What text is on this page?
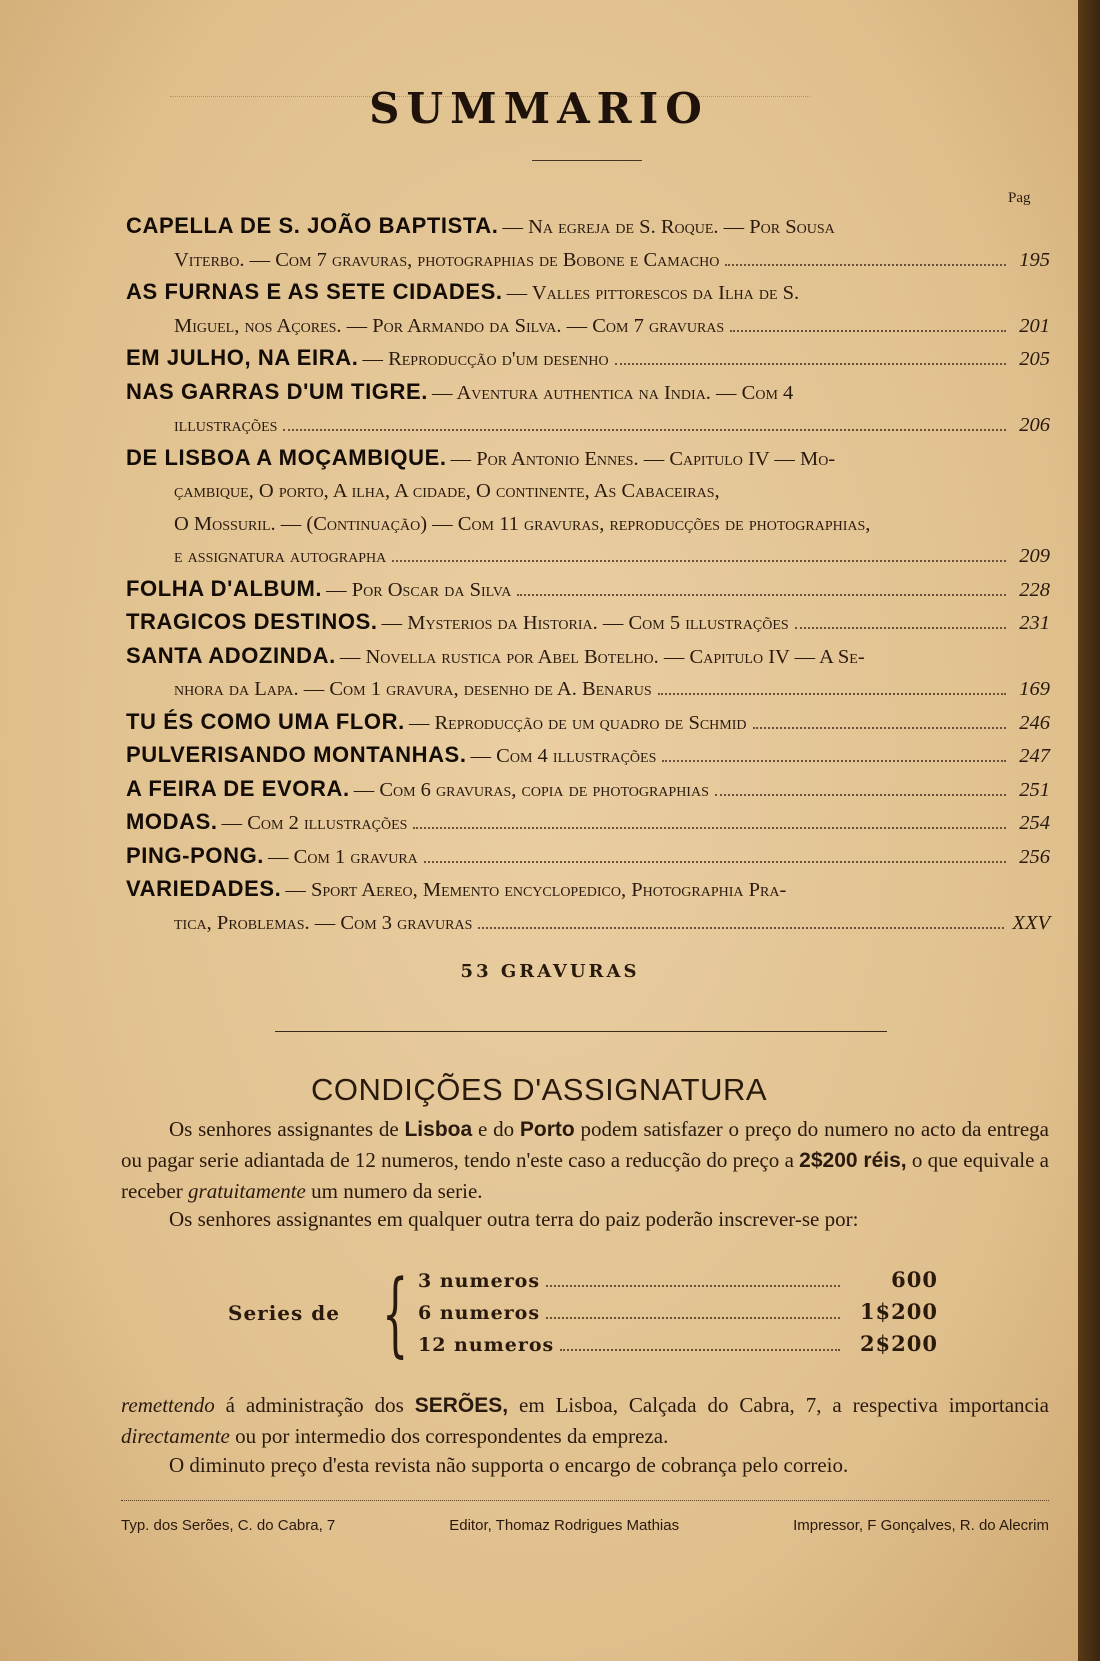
SUMMARIO
Pag
CAPELLA DE S. JOÃO BAPTISTA. — Na egreja de S. Roque. — Por Sousa
Viterbo. — Com 7 gravuras, photographias de Bobone e Camacho	195
AS FURNAS E AS SETE CIDADES. — Valles pittorescos da Ilha de S.
Miguel, nos Açores. — Por Armando da Silva. — Com 7 gravuras	201
EM JULHO, NA EIRA. — Reproducção d'um desenho	205
NAS GARRAS D'UM TIGRE. — Aventura authentica na India. — Com 4
illustrações	206
DE LISBOA A MOÇAMBIQUE. — Por Antonio Ennes. — Capitulo IV — Mo-
çambique, O porto, A ilha, A cidade, O continente, As Cabaceiras,
O Mossuril. — (Continuação) — Com 11 gravuras, reproducções de photographias,
e assignatura autographa	209
FOLHA D'ALBUM. — Por Oscar da Silva	228
TRAGICOS DESTINOS. — Mysterios da Historia. — Com 5 illustrações	231
SANTA ADOZINDA. — Novella rustica por Abel Botelho. — Capitulo IV — A Se-
nhora da Lapa. — Com 1 gravura, desenho de A. Benarus	169
TU ÉS COMO UMA FLOR. — Reproducção de um quadro de Schmid	246
PULVERISANDO MONTANHAS. — Com 4 illustrações	247
A FEIRA DE EVORA. — Com 6 gravuras, copia de photographias	251
MODAS. — Com 2 illustrações	254
PING-PONG. — Com 1 gravura	256
VARIEDADES. — Sport Aereo, Memento encyclopedico, Photographia Pra-
tica, Problemas. — Com 3 gravuras	XXV
53 GRAVURAS
CONDIÇÕES D'ASSIGNATURA
Os senhores assignantes de Lisboa e do Porto podem satisfazer o preço do numero no acto da entrega ou pagar serie adiantada de 12 numeros, tendo n'este caso a reducção do preço a 2$200 réis, o que equivale a receber gratuitamente um numero da serie.
Os senhores assignantes em qualquer outra terra do paiz poderão inscrever-se por:
Series de { 3 numeros	600
6 numeros	1$200
12 numeros	2$200
remettendo á administração dos SERÕES, em Lisboa, Calçada do Cabra, 7, a respectiva importancia directamente ou por intermedio dos correspondentes da empreza.
O diminuto preço d'esta revista não supporta o encargo de cobrança pelo correio.
Typ. dos Serões, C. do Cabra, 7	Editor, Thomaz Rodrigues Mathias	Impressor, F Gonçalves, R. do Alecrim
